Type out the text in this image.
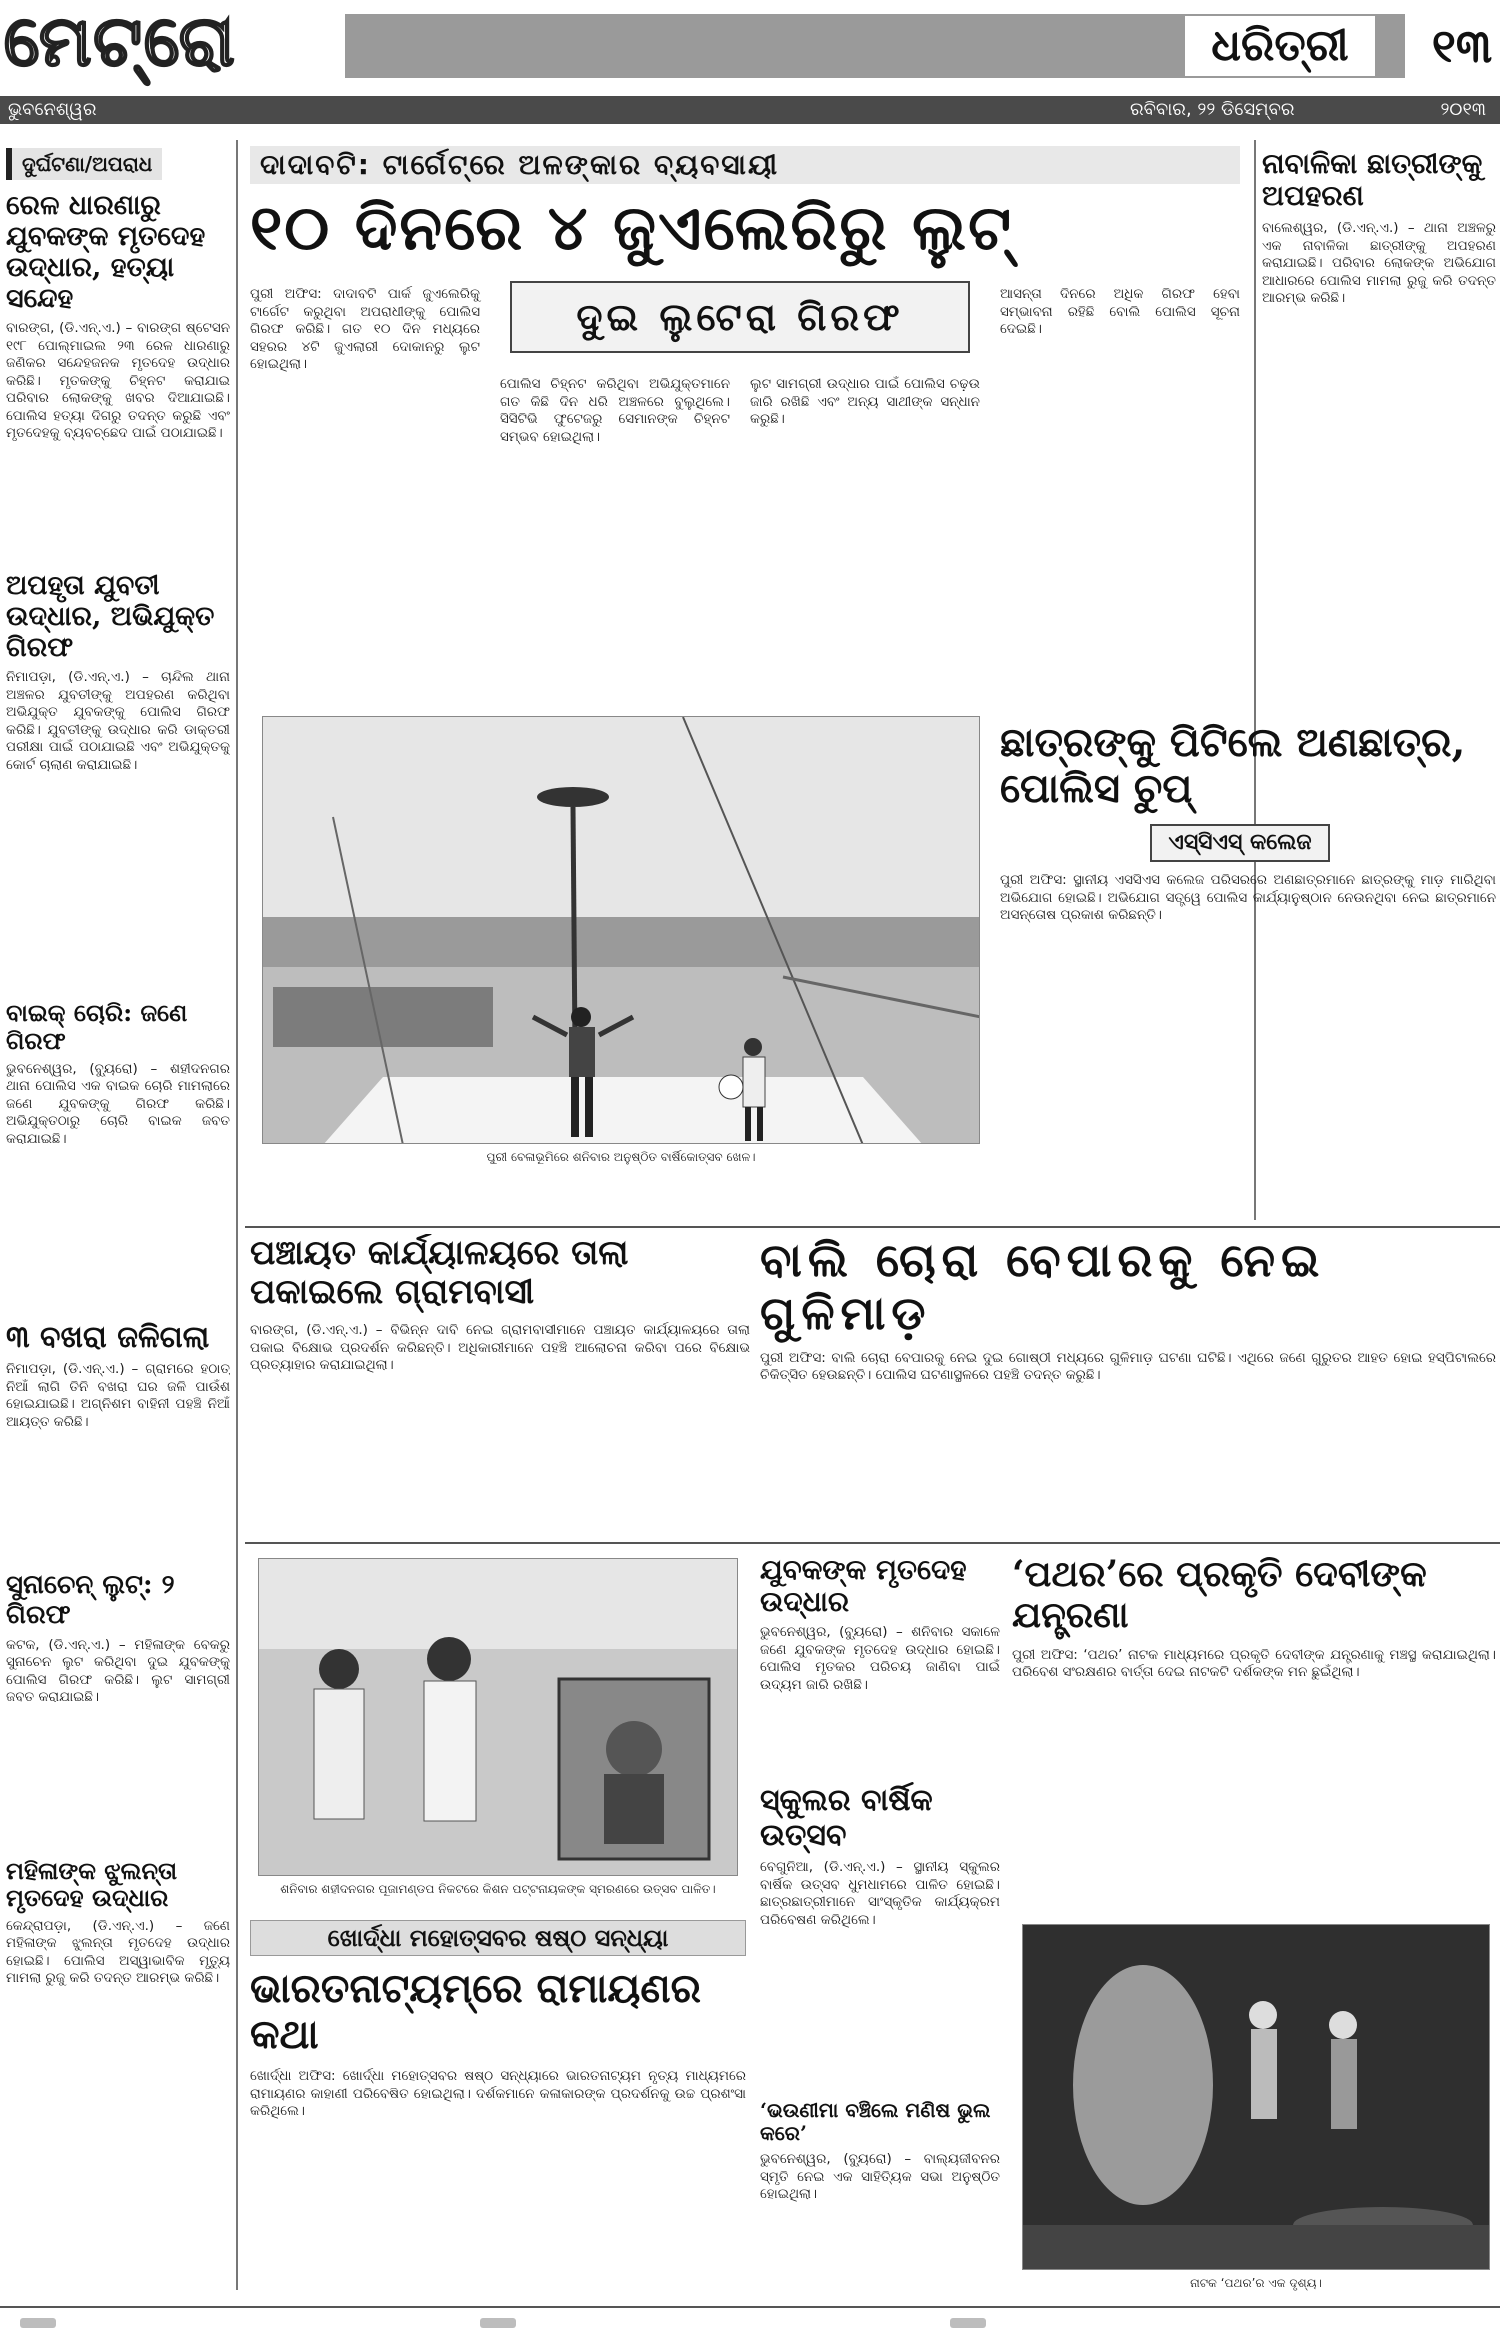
ମେଟ୍ରୋ	ଧରିତ୍ରୀ	୧୩
ଭୁବନେଶ୍ୱର	ରବିବାର, ୨୨ ଡିସେମ୍ବର	୨୦୧୩
ଦୁର୍ଘଟଣା/ଅପରାଧ
ରେଳ ଧାରଣାରୁ ଯୁବକଙ୍କ ମୃତଦେହ ଉଦ୍ଧାର, ହତ୍ୟା ସନ୍ଦେହ
ବାରଙ୍ଗ, (ଡି.ଏନ୍.ଏ.) – ବାରଙ୍ଗ ଷ୍ଟେସନ ୧୯୮ ପୋଲ୍‌ମାଇଲ ୨୩ ରେଳ ଧାରଣାରୁ ଜଣିକର ସନ୍ଦେହଜନକ ମୃତଦେହ ଉଦ୍ଧାର କରିଛି। ମୃତକଙ୍କୁ ଚିହ୍ନଟ କରାଯାଇ ପରିବାର ଲୋକଙ୍କୁ ଖବର ଦିଆଯାଇଛି। ପୋଲିସ ହତ୍ୟା ଦିଗରୁ ତଦନ୍ତ କରୁଛି ଏବଂ ମୃତଦେହକୁ ବ୍ୟବଚ୍ଛେଦ ପାଇଁ ପଠାଯାଇଛି।
ଅପହୃତା ଯୁବତୀ ଉଦ୍ଧାର, ଅଭିଯୁକ୍ତ ଗିରଫ
ନିମାପଡ଼ା, (ଡି.ଏନ୍.ଏ.) – ଚାନ୍ଦିଲ ଥାନା ଅଞ୍ଚଳର ଯୁବତୀଙ୍କୁ ଅପହରଣ କରିଥିବା ଅଭିଯୁକ୍ତ ଯୁବକଙ୍କୁ ପୋଲିସ ଗିରଫ କରିଛି। ଯୁବତୀଙ୍କୁ ଉଦ୍ଧାର କରି ଡାକ୍ତରୀ ପରୀକ୍ଷା ପାଇଁ ପଠାଯାଇଛି ଏବଂ ଅଭିଯୁକ୍ତକୁ କୋର୍ଟ ଚାଲାଣ କରାଯାଇଛି।
ବାଇକ୍ ଚୋରି: ଜଣେ ଗିରଫ
ଭୁବନେଶ୍ୱର, (ବ୍ୟୁରୋ) – ଶହୀଦନଗର ଥାନା ପୋଲିସ ଏକ ବାଇକ ଚୋରି ମାମଲାରେ ଜଣେ ଯୁବକଙ୍କୁ ଗିରଫ କରିଛି। ଅଭିଯୁକ୍ତଠାରୁ ଚୋରି ବାଇକ ଜବତ କରାଯାଇଛି।
୩ ବଖରା ଜଳିଗଲା
ନିମାପଡ଼ା, (ଡି.ଏନ୍.ଏ.) – ଗ୍ରାମରେ ହଠାତ୍ ନିଆଁ ଲାଗି ତିନି ବଖରା ଘର ଜଳି ପାଉଁଶ ହୋଇଯାଇଛି। ଅଗ୍ନିଶମ ବାହିନୀ ପହଞ୍ଚି ନିଆଁ ଆୟତ୍ତ କରିଛି।
ସୁନାଚେନ୍ ଲୁଟ୍: ୨ ଗିରଫ
କଟକ, (ଡି.ଏନ୍.ଏ.) – ମହିଳାଙ୍କ ବେକରୁ ସୁନାଚେନ ଲୁଟ କରିଥିବା ଦୁଇ ଯୁବକଙ୍କୁ ପୋଲିସ ଗିରଫ କରିଛି। ଲୁଟ ସାମଗ୍ରୀ ଜବତ କରାଯାଇଛି।
ମହିଳାଙ୍କ ଝୁଲନ୍ତା ମୃତଦେହ ଉଦ୍ଧାର
କେନ୍ଦ୍ରାପଡ଼ା, (ଡି.ଏନ୍.ଏ.) – ଜଣେ ମହିଳାଙ୍କ ଝୁଲନ୍ତା ମୃତଦେହ ଉଦ୍ଧାର ହୋଇଛି। ପୋଲିସ ଅସ୍ୱାଭାବିକ ମୃତ୍ୟୁ ମାମଲା ରୁଜୁ କରି ତଦନ୍ତ ଆରମ୍ଭ କରିଛି।
ଦାଦାବଟି: ଟାର୍ଗେଟ୍‌ରେ ଅଳଙ୍କାର ବ୍ୟବସାୟୀ
୧୦ ଦିନରେ ୪ ଜୁଏଲେରିରୁ ଲୁଟ୍
ପୁରୀ ଅଫିସ: ଦାଦାବଟି ପାର୍କ ଜୁଏଲେରିକୁ ଟାର୍ଗେଟ କରୁଥିବା ଅପରାଧୀଙ୍କୁ ପୋଲିସ ଗିରଫ କରିଛି। ଗତ ୧୦ ଦିନ ମଧ୍ୟରେ ସହରର ୪ଟି ଜୁଏଲାରୀ ଦୋକାନରୁ ଲୁଟ ହୋଇଥିଲା।
ପୋଲିସ ଚିହ୍ନଟ କରିଥିବା ଅଭିଯୁକ୍ତମାନେ ଗତ କିଛି ଦିନ ଧରି ଅଞ୍ଚଳରେ ବୁଲୁଥିଲେ। ସିସିଟିଭି ଫୁଟେଜରୁ ସେମାନଙ୍କ ଚିହ୍ନଟ ସମ୍ଭବ ହୋଇଥିଲା।
ଲୁଟ ସାମଗ୍ରୀ ଉଦ୍ଧାର ପାଇଁ ପୋଲିସ ଚଢ଼ଉ ଜାରି ରଖିଛି ଏବଂ ଅନ୍ୟ ସାଥୀଙ୍କ ସନ୍ଧାନ କରୁଛି।
ଆସନ୍ତା ଦିନରେ ଅଧିକ ଗିରଫ ହେବା ସମ୍ଭାବନା ରହିଛି ବୋଲି ପୋଲିସ ସୂଚନା ଦେଇଛି।
ଦୁଇ ଲୁଟେରା ଗିରଫ
ପୁରୀ ବେଳାଭୂମିରେ ଶନିବାର ଅନୁଷ୍ଠିତ ବାର୍ଷିକୋତ୍ସବ ଖେଳ।
ନାବାଳିକା ଛାତ୍ରୀଙ୍କୁ ଅପହରଣ
ବାଲେଶ୍ୱର, (ଡି.ଏନ୍.ଏ.) – ଥାନା ଅଞ୍ଚଳରୁ ଏକ ନାବାଳିକା ଛାତ୍ରୀଙ୍କୁ ଅପହରଣ କରାଯାଇଛି। ପରିବାର ଲୋକଙ୍କ ଅଭିଯୋଗ ଆଧାରରେ ପୋଲିସ ମାମଲା ରୁଜୁ କରି ତଦନ୍ତ ଆରମ୍ଭ କରିଛି।
ଛାତ୍ରଙ୍କୁ ପିଟିଲେ ଅଣଛାତ୍ର, ପୋଲିସ ଚୁପ୍
ଏସ୍‌ସିଏସ୍ କଲେଜ
ପୁରୀ ଅଫିସ: ସ୍ଥାନୀୟ ଏସସିଏସ କଲେଜ ପରିସରରେ ଅଣଛାତ୍ରମାନେ ଛାତ୍ରଙ୍କୁ ମାଡ଼ ମାରିଥିବା ଅଭିଯୋଗ ହୋଇଛି। ଅଭିଯୋଗ ସତ୍ତ୍ୱେ ପୋଲିସ କାର୍ଯ୍ୟାନୁଷ୍ଠାନ ନେଉନଥିବା ନେଇ ଛାତ୍ରମାନେ ଅସନ୍ତୋଷ ପ୍ରକାଶ କରିଛନ୍ତି।
ପଞ୍ଚାୟତ କାର୍ଯ୍ୟାଳୟରେ ତାଲା ପକାଇଲେ ଗ୍ରାମବାସୀ
ବାରଙ୍ଗ, (ଡି.ଏନ୍.ଏ.) – ବିଭିନ୍ନ ଦାବି ନେଇ ଗ୍ରାମବାସୀମାନେ ପଞ୍ଚାୟତ କାର୍ଯ୍ୟାଳୟରେ ତାଲା ପକାଇ ବିକ୍ଷୋଭ ପ୍ରଦର୍ଶନ କରିଛନ୍ତି। ଅଧିକାରୀମାନେ ପହଞ୍ଚି ଆଲୋଚନା କରିବା ପରେ ବିକ୍ଷୋଭ ପ୍ରତ୍ୟାହାର କରାଯାଇଥିଲା।
ବାଲି ଚୋରା ବେପାରକୁ ନେଇ ଗୁଳିମାଡ଼
ପୁରୀ ଅଫିସ: ବାଲି ଚୋରା ବେପାରକୁ ନେଇ ଦୁଇ ଗୋଷ୍ଠୀ ମଧ୍ୟରେ ଗୁଳିମାଡ଼ ଘଟଣା ଘଟିଛି। ଏଥିରେ ଜଣେ ଗୁରୁତର ଆହତ ହୋଇ ହସ୍ପିଟାଲରେ ଚିକିତ୍ସିତ ହେଉଛନ୍ତି। ପୋଲିସ ଘଟଣାସ୍ଥଳରେ ପହଞ୍ଚି ତଦନ୍ତ କରୁଛି।
ଶନିବାର ଶହୀଦନଗର ପୂଜାମଣ୍ଡପ ନିକଟରେ କିଶନ ପଟ୍ଟନାୟକଙ୍କ ସ୍ମରଣରେ ଉତ୍ସବ ପାଳିତ।
ଖୋର୍ଦ୍ଧା ମହୋତ୍ସବର ଷଷ୍ଠ ସନ୍ଧ୍ୟା
ଭାରତନାଟ୍ୟମ୍‌ରେ ରାମାୟଣର କଥା
ଖୋର୍ଦ୍ଧା ଅଫିସ: ଖୋର୍ଦ୍ଧା ମହୋତ୍ସବର ଷଷ୍ଠ ସନ୍ଧ୍ୟାରେ ଭାରତନାଟ୍ୟମ ନୃତ୍ୟ ମାଧ୍ୟମରେ ରାମାୟଣର କାହାଣୀ ପରିବେଷିତ ହୋଇଥିଲା। ଦର୍ଶକମାନେ କଳାକାରଙ୍କ ପ୍ରଦର୍ଶନକୁ ଉଚ୍ଚ ପ୍ରଶଂସା କରିଥିଲେ।
ଯୁବକଙ୍କ ମୃତଦେହ ଉଦ୍ଧାର
ଭୁବନେଶ୍ୱର, (ବ୍ୟୁରୋ) – ଶନିବାର ସକାଳେ ଜଣେ ଯୁବକଙ୍କ ମୃତଦେହ ଉଦ୍ଧାର ହୋଇଛି। ପୋଲିସ ମୃତକର ପରିଚୟ ଜାଣିବା ପାଇଁ ଉଦ୍ୟମ ଜାରି ରଖିଛି।
ସ୍କୁଲର ବାର୍ଷିକ ଉତ୍ସବ
ବେଗୁନିଆ, (ଡି.ଏନ୍.ଏ.) – ସ୍ଥାନୀୟ ସ୍କୁଲର ବାର୍ଷିକ ଉତ୍ସବ ଧୁମଧାମରେ ପାଳିତ ହୋଇଛି। ଛାତ୍ରଛାତ୍ରୀମାନେ ସାଂସ୍କୃତିକ କାର୍ଯ୍ୟକ୍ରମ ପରିବେଷଣ କରିଥିଲେ।
‘ଭଉଣୀମା ବଞ୍ଚିଲେ ମଣିଷ ଭୁଲ କରେ’
ଭୁବନେଶ୍ୱର, (ବ୍ୟୁରୋ) – ବାଲ୍ୟଜୀବନର ସ୍ମୃତି ନେଇ ଏକ ସାହିତ୍ୟିକ ସଭା ଅନୁଷ୍ଠିତ ହୋଇଥିଲା।
‘ପଥର’ରେ ପ୍ରକୃତି ଦେବୀଙ୍କ ଯନ୍ତ୍ରଣା
ପୁରୀ ଅଫିସ: ‘ପଥର’ ନାଟକ ମାଧ୍ୟମରେ ପ୍ରକୃତି ଦେବୀଙ୍କ ଯନ୍ତ୍ରଣାକୁ ମଞ୍ଚସ୍ଥ କରାଯାଇଥିଲା। ପରିବେଶ ସଂରକ୍ଷଣର ବାର୍ତ୍ତା ଦେଇ ନାଟକଟି ଦର୍ଶକଙ୍କ ମନ ଛୁଇଁଥିଲା।
ନାଟକ ‘ପଥର’ର ଏକ ଦୃଶ୍ୟ।
